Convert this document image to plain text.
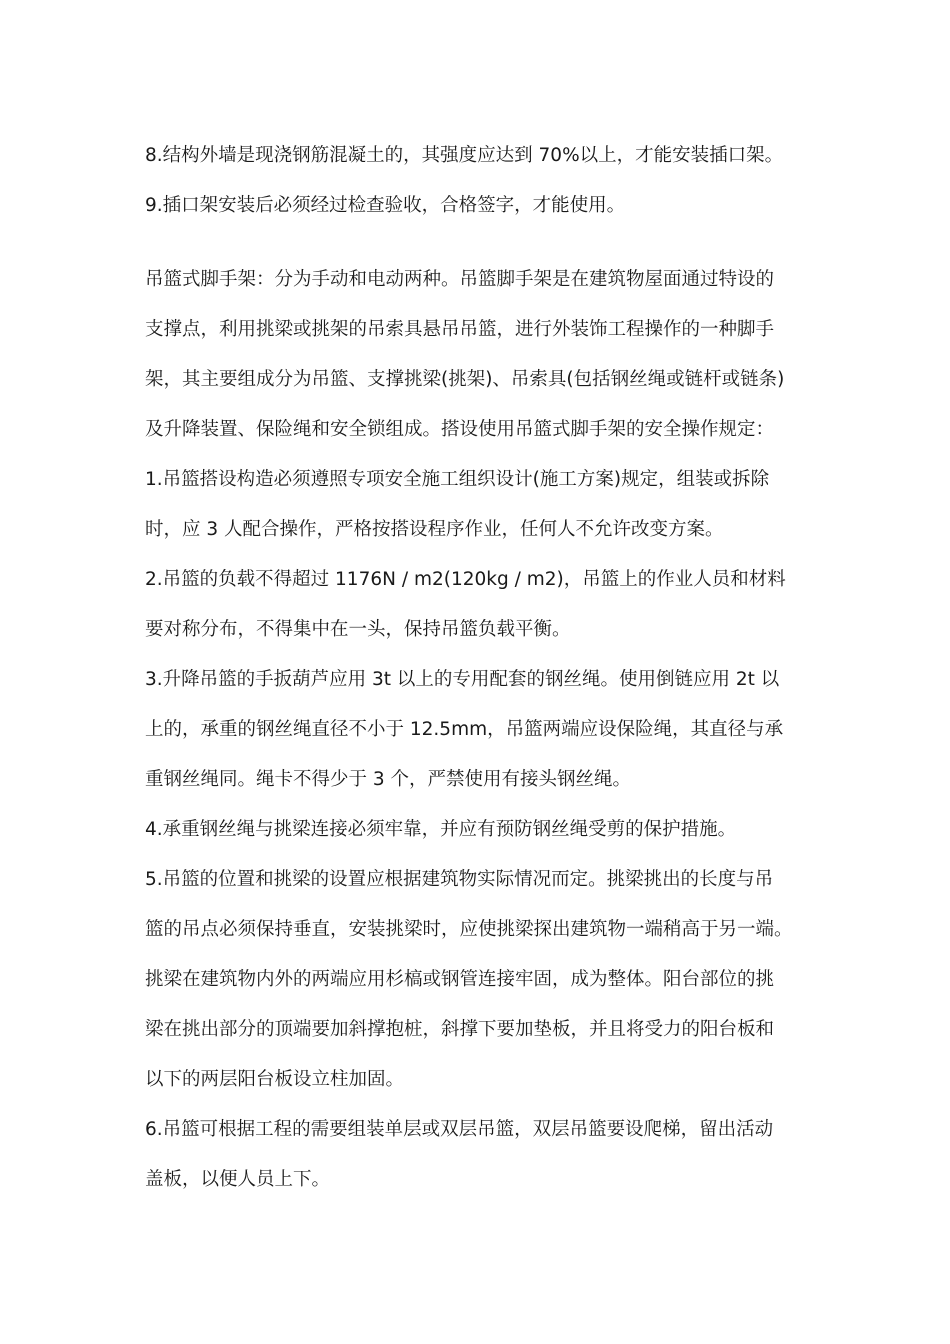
8.结构外墙是现浇钢筋混凝土的，其强度应达到 70%以上，才能安装插口架。

9.插口架安装后必须经过检查验收，合格签字，才能使用。

吊篮式脚手架：分为手动和电动两种。吊篮脚手架是在建筑物屋面通过特设的

支撑点，利用挑梁或挑架的吊索具悬吊吊篮，进行外装饰工程操作的一种脚手

架，其主要组成分为吊篮、支撑挑梁(挑架)、吊索具(包括钢丝绳或链杆或链条)

及升降装置、保险绳和安全锁组成。搭设使用吊篮式脚手架的安全操作规定：

1.吊篮搭设构造必须遵照专项安全施工组织设计(施工方案)规定，组装或拆除

时，应 3 人配合操作，严格按搭设程序作业，任何人不允许改变方案。

2.吊篮的负载不得超过 1176N / m2(120kg / m2)，吊篮上的作业人员和材料

要对称分布，不得集中在一头，保持吊篮负载平衡。

3.升降吊篮的手扳葫芦应用 3t 以上的专用配套的钢丝绳。使用倒链应用 2t 以

上的，承重的钢丝绳直径不小于 12.5mm，吊篮两端应设保险绳，其直径与承

重钢丝绳同。绳卡不得少于 3 个，严禁使用有接头钢丝绳。

4.承重钢丝绳与挑梁连接必须牢靠，并应有预防钢丝绳受剪的保护措施。

5.吊篮的位置和挑梁的设置应根据建筑物实际情况而定。挑梁挑出的长度与吊

篮的吊点必须保持垂直，安装挑梁时，应使挑梁探出建筑物一端稍高于另一端。

挑梁在建筑物内外的两端应用杉槁或钢管连接牢固，成为整体。阳台部位的挑

梁在挑出部分的顶端要加斜撑抱桩，斜撑下要加垫板，并且将受力的阳台板和

以下的两层阳台板设立柱加固。

6.吊篮可根据工程的需要组装单层或双层吊篮，双层吊篮要设爬梯，留出活动

盖板，以便人员上下。
